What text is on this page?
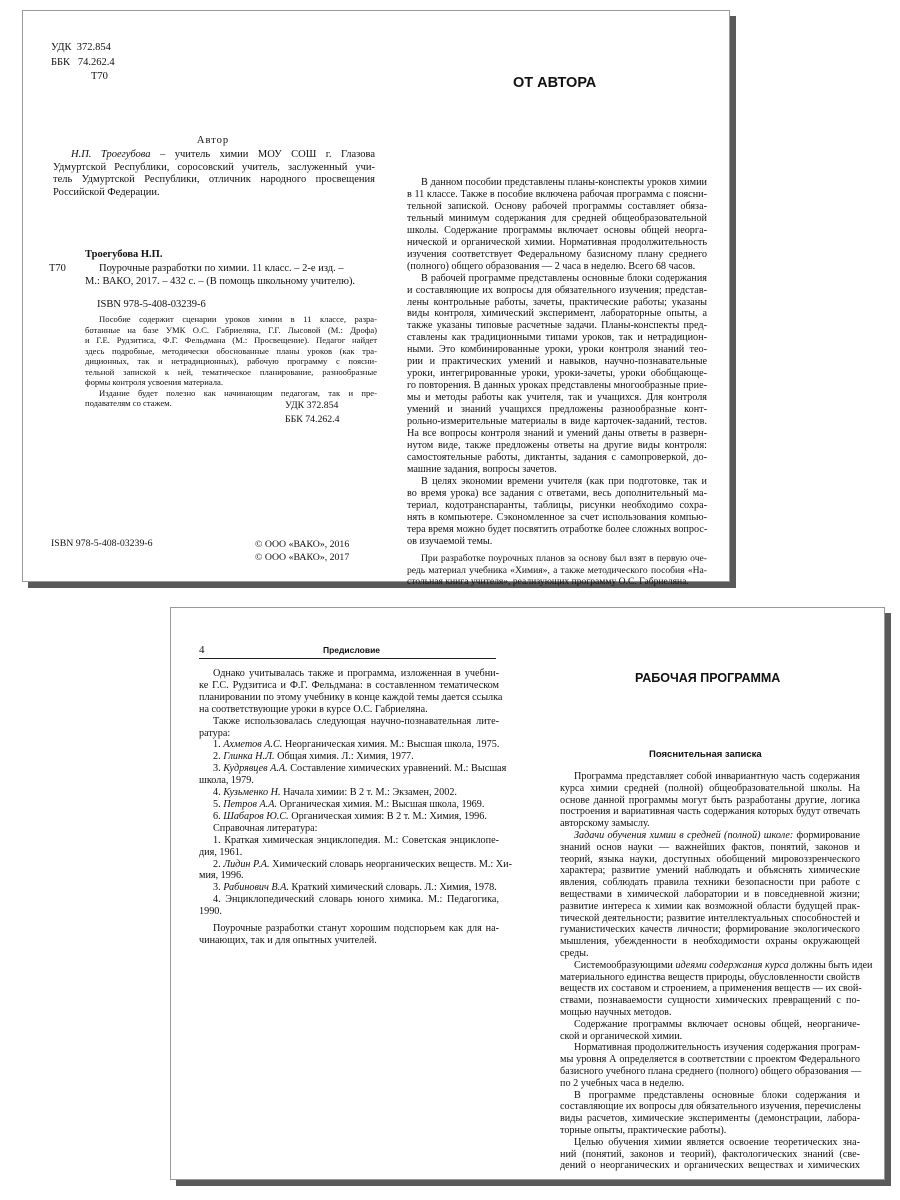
УДК  372.854
ББК   74.262.4
Т70
Автор
Н.П. Троегубова – учитель химии МОУ СОШ г. Глазова
Удмуртской Республики, соросовский учитель, заслуженный учи-
тель Удмуртской Республики, отличник народного просвещения
Российской Федерации.
Троегубова Н.П.
Т70	Поурочные разработки по химии. 11 класс. – 2-е изд. –
М.: ВАКО, 2017. – 432 с. – (В помощь школьному учителю).
ISBN 978-5-408-03239-6
Пособие содержит сценарии уроков химии в 11 классе, разра-
ботанные на базе УМК О.С. Габриеляна, Г.Г. Лысовой (М.: Дрофа)
и Г.Е. Рудзитиса, Ф.Г. Фельдмана (М.: Просвещение). Педагог найдет
здесь подробные, методически обоснованные планы уроков (как тра-
диционных, так и нетрадиционных), рабочую программу с поясни-
тельной запиской к ней, тематическое планирование, разнообразные
формы контроля усвоения материала.
Издание будет полезно как начинающим педагогам, так и пре-
подавателям со стажем.	УДК 372.854
ББК 74.262.4
ISBN 978-5-408-03239-6	© ООО «ВАКО», 2016
© ООО «ВАКО», 2017
ОТ АВТОРА
В данном пособии представлены планы-конспекты уроков химии
в 11 классе. Также в пособие включена рабочая программа с поясни-
тельной запиской. Основу рабочей программы составляет обяза-
тельный минимум содержания для средней общеобразовательной
школы. Содержание программы включает основы общей неорга-
нической и органической химии. Нормативная продолжительность
изучения соответствует Федеральному базисному плану среднего
(полного) общего образования — 2 часа в неделю. Всего 68 часов.
В рабочей программе представлены основные блоки содержания
и составляющие их вопросы для обязательного изучения; представ-
лены контрольные работы, зачеты, практические работы; указаны
виды контроля, химический эксперимент, лабораторные опыты, а
также указаны типовые расчетные задачи. Планы-конспекты пред-
ставлены как традиционными типами уроков, так и нетрадицион-
ными. Это комбинированные уроки, уроки контроля знаний тео-
рии и практических умений и навыков, научно-познавательные
уроки, интегрированные уроки, уроки-зачеты, уроки обобщающе-
го повторения. В данных уроках представлены многообразные прие-
мы и методы работы как учителя, так и учащихся. Для контроля
умений и знаний учащихся предложены разнообразные конт-
рольно-измерительные материалы в виде карточек-заданий, тестов.
На все вопросы контроля знаний и умений даны ответы в разверн-
нутом виде, также предложены ответы на другие виды контроля:
самостоятельные работы, диктанты, задания с самопроверкой, до-
машние задания, вопросы зачетов.
В целях экономии времени учителя (как при подготовке, так и
во время урока) все задания с ответами, весь дополнительный ма-
териал, кодотранспаранты, таблицы, рисунки необходимо сохра-
нять в компьютере. Сэкономленное за счет использования компью-
тера время можно будет посвятить отработке более сложных вопрос-
ов изучаемой темы.
При разработке поурочных планов за основу был взят в первую оче-
редь материал учебника «Химия», а также методического пособия «На-
стольная книга учителя», реализующих программу О.С. Габриеляна.
4	Предисловие
Однако учитывалась также и программа, изложенная в учебни-
ке Г.С. Рудзитиса и Ф.Г. Фельдмана: в составленном тематическом
планировании по этому учебнику в конце каждой темы дается ссылка
на соответствующие уроки в курсе О.С. Габриеляна.
Также использовалась следующая научно-познавательная лите-
ратура:
1. Ахметов А.С. Неорганическая химия. М.: Высшая школа, 1975.
2. Глинка Н.Л. Общая химия. Л.: Химия, 1977.
3. Кудрявцев А.А. Составление химических уравнений. М.: Высшая
школа, 1979.
4. Кузьменко Н. Начала химии: В 2 т. М.: Экзамен, 2002.
5. Петров А.А. Органическая химия. М.: Высшая школа, 1969.
6. Шабаров Ю.С. Органическая химия: В 2 т. М.: Химия, 1996.
Справочная литература:
1. Краткая химическая энциклопедия. М.: Советская энциклопе-
дия, 1961.
2. Лидин Р.А. Химический словарь неорганических веществ. М.: Хи-
мия, 1996.
3. Рабинович В.А. Краткий химический словарь. Л.: Химия, 1978.
4. Энциклопедический словарь юного химика. М.: Педагогика,
1990.
Поурочные разработки станут хорошим подспорьем как для на-
чинающих, так и для опытных учителей.
РАБОЧАЯ ПРОГРАММА
Пояснительная записка
Программа представляет собой инвариантную часть содержания
курса химии средней (полной) общеобразовательной школы. На
основе данной программы могут быть разработаны другие, логика
построения и вариативная часть содержания которых будут отвечать
авторскому замыслу.
Задачи обучения химии в средней (полной) школе: формирование
знаний основ науки — важнейших фактов, понятий, законов и
теорий, языка науки, доступных обобщений мировоззренческого
характера; развитие умений наблюдать и объяснять химические
явления, соблюдать правила техники безопасности при работе с
веществами в химической лаборатории и в повседневной жизни;
развитие интереса к химии как возможной области будущей прак-
тической деятельности; развитие интеллектуальных способностей и
гуманистических качеств личности; формирование экологического
мышления, убежденности в необходимости охраны окружающей
среды.
Системообразующими идеями содержания курса должны быть идеи
материального единства веществ природы, обусловленности свойств
веществ их составом и строением, а применения веществ — их свой-
ствами, познаваемости сущности химических превращений с по-
мощью научных методов.
Содержание программы включает основы общей, неорганиче-
ской и органической химии.
Нормативная продолжительность изучения содержания програм-
мы уровня А определяется в соответствии с проектом Федерального
базисного учебного плана среднего (полного) общего образования —
по 2 учебных часа в неделю.
В программе представлены основные блоки содержания и
составляющие их вопросы для обязательного изучения, перечислены
виды расчетов, химические эксперименты (демонстрации, лабора-
торные опыты, практические работы).
Целью обучения химии является освоение теоретических зна-
ний (понятий, законов и теорий), фактологических знаний (све-
дений о неорганических и органических веществах и химических
